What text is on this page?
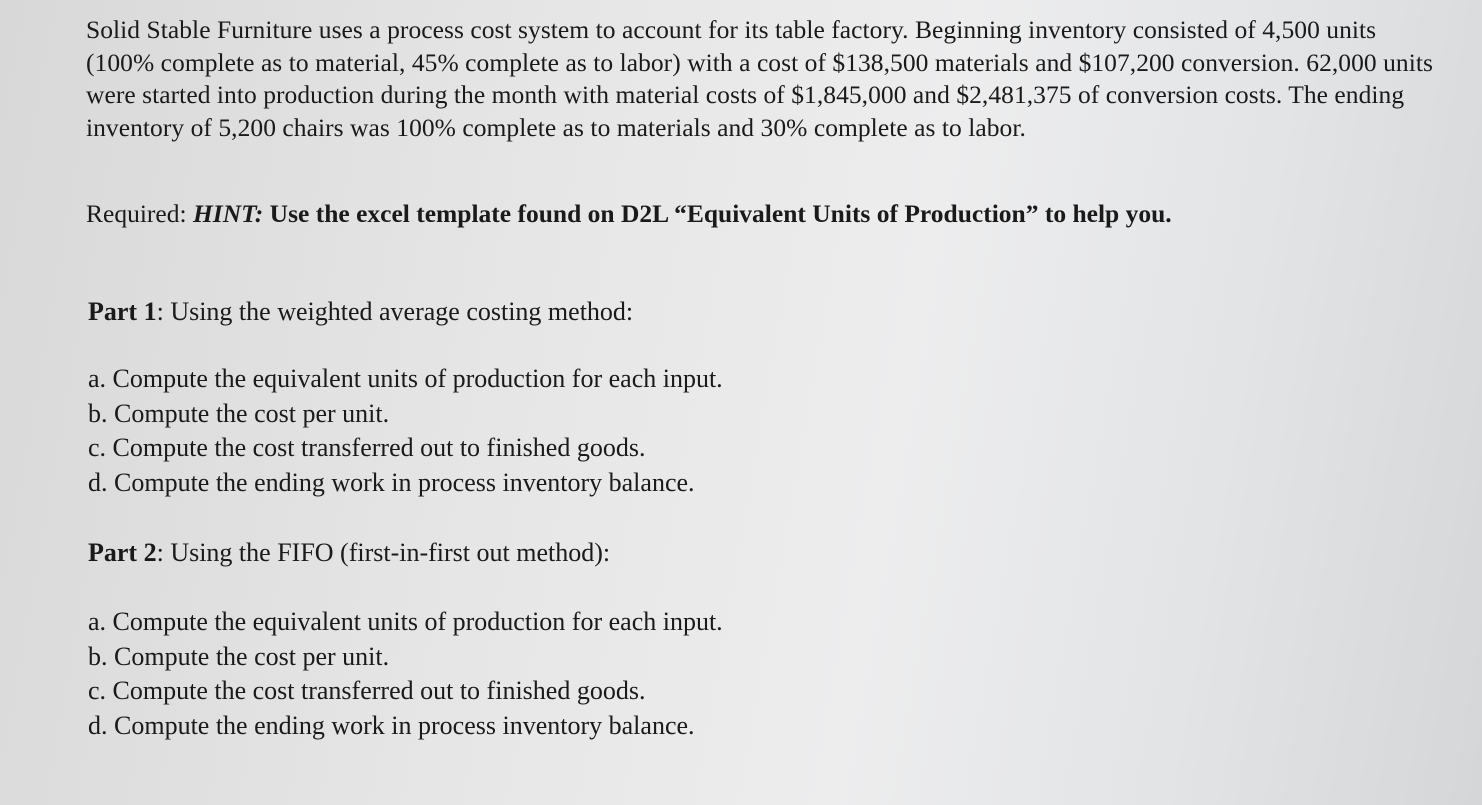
Solid Stable Furniture uses a process cost system to account for its table factory. Beginning inventory consisted of 4,500 units (100% complete as to material, 45% complete as to labor) with a cost of $138,500 materials and $107,200 conversion. 62,000 units were started into production during the month with material costs of $1,845,000 and $2,481,375 of conversion costs. The ending inventory of 5,200 chairs was 100% complete as to materials and 30% complete as to labor.

Required: HINT: Use the excel template found on D2L “Equivalent Units of Production” to help you.
Part 1: Using the weighted average costing method:
a. Compute the equivalent units of production for each input.
b. Compute the cost per unit.
c. Compute the cost transferred out to finished goods.
d. Compute the ending work in process inventory balance.
Part 2: Using the FIFO (first-in-first out method):
a. Compute the equivalent units of production for each input.
b. Compute the cost per unit.
c. Compute the cost transferred out to finished goods.
d. Compute the ending work in process inventory balance.
